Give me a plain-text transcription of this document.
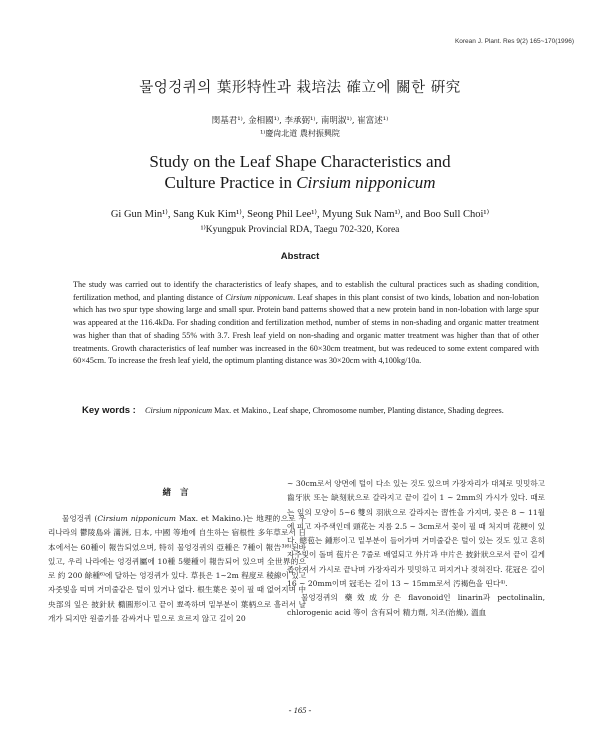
Korean J. Plant. Res 9(2) 165~170(1996)
물엉겅퀴의 葉形特性과 栽培法 確立에 關한 硏究
閔基君¹⁾, 金相國¹⁾, 李承弼¹⁾, 南明淑¹⁾, 崔富述¹⁾
¹⁾慶尙北道 農村振興院
Study on the Leaf Shape Characteristics and
Culture Practice in Cirsium nipponicum
Gi Gun Min¹⁾, Sang Kuk Kim¹⁾, Seong Phil Lee¹⁾, Myung Suk Nam¹⁾, and Boo Sull Choi¹⁾
¹⁾Kyungpuk Provincial RDA, Taegu 702-320, Korea
Abstract
The study was carried out to identify the characteristics of leafy shapes, and to establish the cultural practices such as shading condition, fertilization method, and planting distance of Cirsium nipponicum. Leaf shapes in this plant consist of two kinds, lobation and non-lobation which has two spur type showing large and small spur. Protein band patterns showed that a new protein band in non-lobation with large spur was appeared at the 116.4kDa. For shading condition and fertilization method, number of stems in non-shading and organic matter treatment was higher than that of shading 55% with 3.7. Fresh leaf yield on non-shading and organic matter treatment was higher than that of other treatments. Growth characteristics of leaf number was increased in the 60×30cm treatment, but was redeuced to some extent compared with 60×45cm. To increase the fresh leaf yield, the optimum planting distance was 30×20cm with 4,100kg/10a.
Key words : Cirsium nipponicum Max. et Makino., Leaf shape, Chromosome number, Planting distance, Shading degrees.
緖 言

물엉겅퀴 (Cirsium nipponicum Max. et Makino.)는 地理的으로 우리나라의 鬱陵島와 滿洲, 日本, 中國 等地에 自生하는 宿根性 多年草로서 日本에서는 60種이 報告되었으며, 特히 물엉겅퀴의 亞種은 7種이 報告³⁾⁶⁾된바 있고, 우리 나라에는 엉겅퀴屬에 10種 5變種이 報告되어 있으며 全世界的으로 約 200 餘種⁶⁾에 달하는 엉겅퀴가 있다. 草長은 1~2m 程度로 稜線이 있고 자줏빛을 띠며 거미줄같은 털이 있거나 없다. 根生葉은 꽃이 필 때 없어지며 中央部의 잎은 披針狀 橢圓形이고 끝이 뾰족하며 밑부분이 葉柄으로 흘러서 날개가 되지만 원줄기를 감싸거나 밑으로 흐르지 않고 길이 20

~ 30cm로서 양면에 털이 다소 있는 것도 있으며 가장자리가 대체로 밋밋하고 齒牙狀 또는 缺刻狀으로 갈라지고 끝이 길이 1 ~ 2mm의 가시가 있다. 때로는 잎의 모양이 5~6 雙의 羽狀으로 갈라지는 習性을 가지며, 꽃은 8 ~ 11월에 피고 자주색인데 頭花는 지름 2.5 ~ 3cm로서 꽃이 필 때 처지며 花梗이 있다. 總苞는 鍾形이고 밑부분이 들어가며 거미줄같은 털이 있는 것도 있고 혼히 자주빛이 돌며 苞片은 7줄로 배열되고 外片과 中片은 披針狀으로서 끝이 길게 좁아져서 가시로 끝나며 가장자리가 밋밋하고 퍼지거나 젖혀진다. 花冠은 길이 16 ~ 20mm이며 冠毛는 길이 13 ~ 15mm로서 汚褐色을 띤다⁴⁾.

물엉겅퀴의 藥效成分은 flavonoid인 linarin과 pectolinalin, chlorogenic acid 等이 含有되어 精力劑, 치조(治燥), 溫血

- 165 -
